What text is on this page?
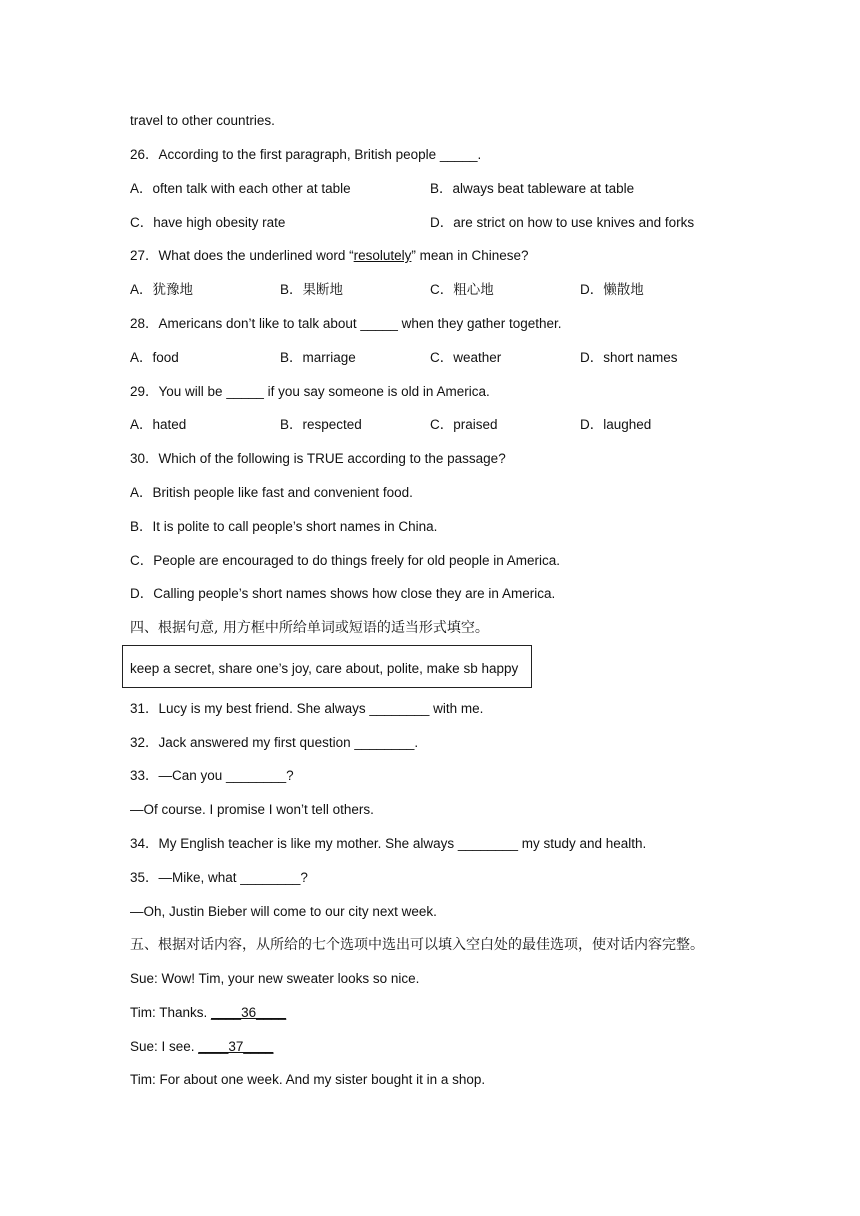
travel to other countries.
26．According to the first paragraph, British people _____.
A．often talk with each other at table	B．always beat tableware at table
C．have high obesity rate	D．are strict on how to use knives and forks
27．What does the underlined word “resolutely” mean in Chinese?
A．犹豫地	B．果断地	C．粗心地	D．懒散地
28．Americans don’t like to talk about _____ when they gather together.
A．food	B．marriage	C．weather	D．short names
29．You will be _____ if you say someone is old in America.
A．hated	B．respected	C．praised	D．laughed
30．Which of the following is TRUE according to the passage?
A．British people like fast and convenient food.
B．It is polite to call people’s short names in China.
C．People are encouraged to do things freely for old people in America.
D．Calling people’s short names shows how close they are in America.
四、根据句意, 用方框中所给单词或短语的适当形式填空。
keep a secret, share one’s joy, care about, polite, make sb happy
31．Lucy is my best friend. She always ________ with me.
32．Jack answered my first question ________.
33．—Can you ________?
—Of course. I promise I won’t tell others.
34．My English teacher is like my mother. She always ________ my study and health.
35．—Mike, what ________?
—Oh, Justin Bieber will come to our city next week.
五、根据对话内容，从所给的七个选项中选出可以填入空白处的最佳选项，使对话内容完整。
Sue: Wow! Tim, your new sweater looks so nice.
Tim: Thanks. ____36____
Sue: I see. ____37____
Tim: For about one week. And my sister bought it in a shop.
